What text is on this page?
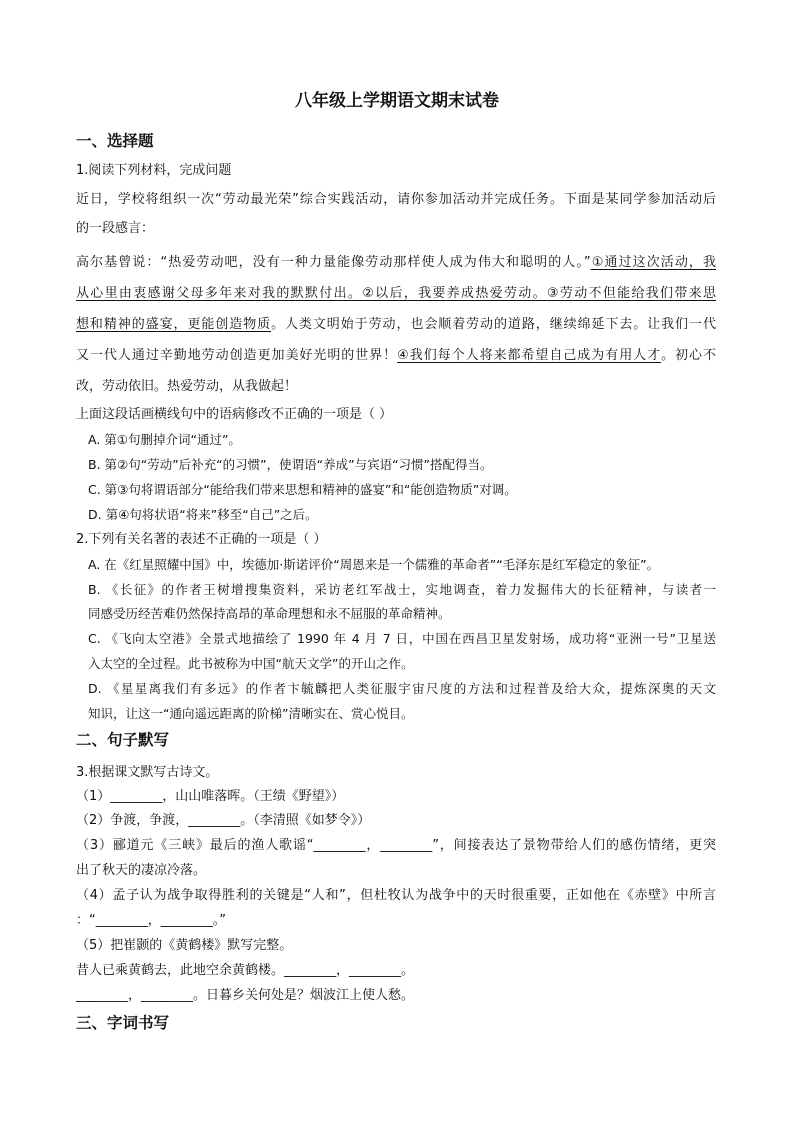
八年级上学期语文期末试卷
一、选择题
1.阅读下列材料，完成问题
近日，学校将组织一次“劳动最光荣”综合实践活动，请你参加活动并完成任务。下面是某同学参加活动后
的一段感言：
高尔基曾说：“热爱劳动吧，没有一种力量能像劳动那样使人成为伟大和聪明的人。”①通过这次活动，我
从心里由衷感谢父母多年来对我的默默付出。②以后，我要养成热爱劳动。③劳动不但能给我们带来思
想和精神的盛宴，更能创造物质。人类文明始于劳动，也会顺着劳动的道路，继续绵延下去。让我们一代
又一代人通过辛勤地劳动创造更加美好光明的世界！④我们每个人将来都希望自己成为有用人才。初心不
改，劳动依旧。热爱劳动，从我做起！
上面这段话画横线句中的语病修改不正确的一项是（ ）
A. 第①句删掉介词“通过”。
B. 第②句“劳动”后补充“的习惯”，使谓语“养成”与宾语“习惯”搭配得当。
C. 第③句将谓语部分“能给我们带来思想和精神的盛宴”和“能创造物质”对调。
D. 第④句将状语“将来”移至“自己”之后。
2.下列有关名著的表述不正确的一项是（ ）
A. 在《红星照耀中国》中，埃德加·斯诺评价“周恩来是一个儒雅的革命者”“毛泽东是红军稳定的象征”。
B. 《长征》的作者王树增搜集资料，采访老红军战士，实地调查，着力发掘伟大的长征精神，与读者一
同感受历经苦难仍然保持高昂的革命理想和永不屈服的革命精神。
C. 《飞向太空港》全景式地描绘了 1990 年 4 月 7 日，中国在西昌卫星发射场，成功将“亚洲一号”卫星送
入太空的全过程。此书被称为中国“航天文学”的开山之作。
D. 《星星离我们有多远》的作者卞毓麟把人类征服宇宙尺度的方法和过程普及给大众，提炼深奥的天文
知识，让这一“通向遥远距离的阶梯”清晰实在、赏心悦目。
二、句子默写
3.根据课文默写古诗文。
（1）________，山山唯落晖。（王绩《野望》）
（2）争渡，争渡，________。（李清照《如梦令》）
（3）郦道元《三峡》最后的渔人歌谣“________，________”，间接表达了景物带给人们的感伤情绪，更突
出了秋天的凄凉冷落。
（4）孟子认为战争取得胜利的关键是“人和”，但杜牧认为战争中的天时很重要，正如他在《赤壁》中所言
：“________，________。”
（5）把崔颢的《黄鹤楼》默写完整。
昔人已乘黄鹤去，此地空余黄鹤楼。________，________。
________，________。日暮乡关何处是？烟波江上使人愁。
三、字词书写
